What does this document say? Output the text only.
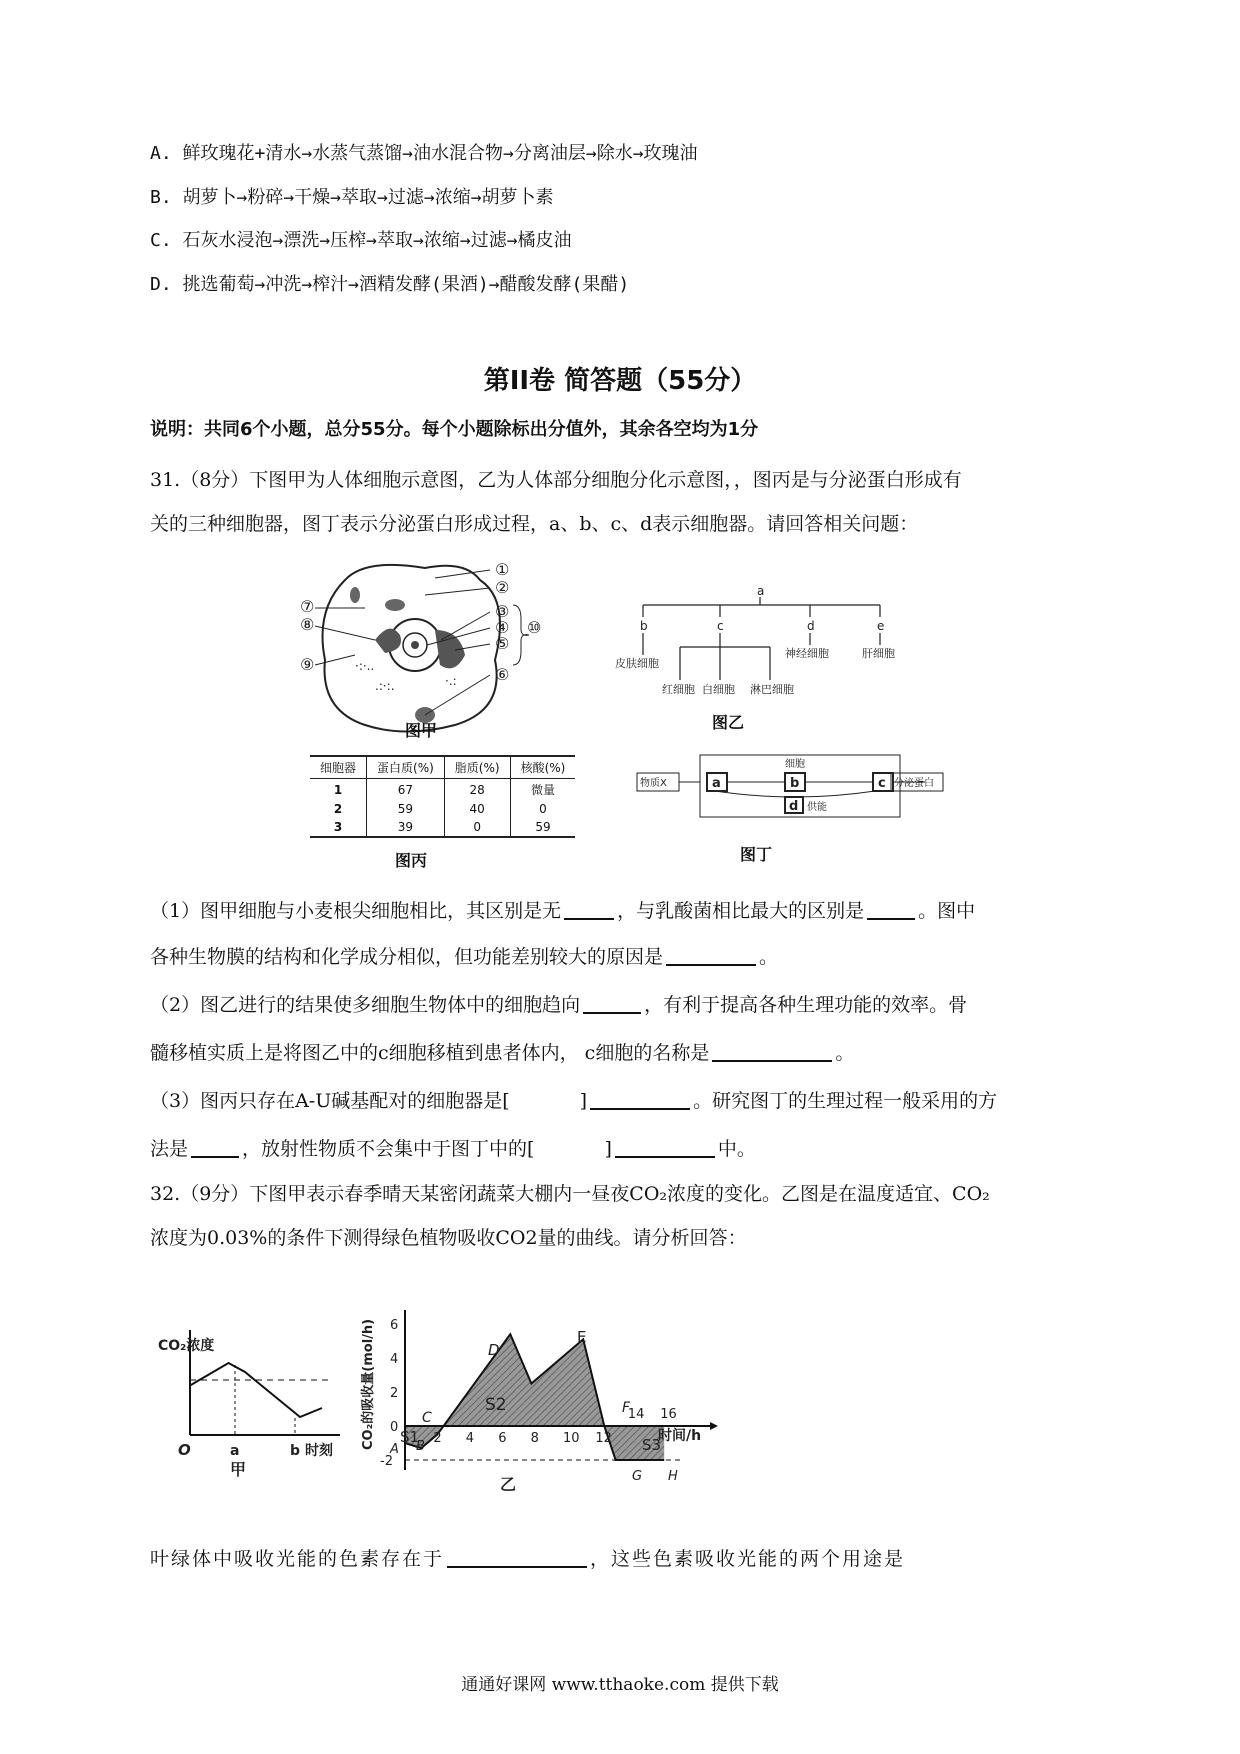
A. 鲜玫瑰花+清水→水蒸气蒸馏→油水混合物→分离油层→除水→玫瑰油
B. 胡萝卜→粉碎→干燥→萃取→过滤→浓缩→胡萝卜素
C. 石灰水浸泡→漂洗→压榨→萃取→浓缩→过滤→橘皮油
D. 挑选葡萄→冲洗→榨汁→酒精发酵(果酒)→醋酸发酵(果醋)
第II卷 简答题（55分）
说明：共同6个小题，总分55分。每个小题除标出分值外，其余各空均为1分
31.（8分）下图甲为人体细胞示意图，乙为人体部分细胞分化示意图，，图丙是与分泌蛋白形成有
关的三种细胞器，图丁表示分泌蛋白形成过程，a、b、c、d表示细胞器。请回答相关问题：
·:·..
.:·:.	·.:
①
②
③
④
⑤
⑥
⑦
⑧
⑨
⑩
图甲
a
b	c	d	e
皮肤细胞
红细胞 白细胞 淋巴细胞
神经细胞	肝细胞
图乙
细胞器	蛋白质(%)	脂质(%)	核酸(%)
1	67	28	微量
2	59	40	0
3	39	0	59
图丙
物质X
细胞
a	b	c
d 供能
分泌蛋白
图丁
（1）图甲细胞与小麦根尖细胞相比，其区别是无	，与乳酸菌相比最大的区别是	。图中
各种生物膜的结构和化学成分相似，但功能差别较大的原因是	。
（2）图乙进行的结果使多细胞生物体中的细胞趋向	，有利于提高各种生理功能的效率。骨
髓移植实质上是将图乙中的c细胞移植到患者体内， c细胞的名称是	。
（3）图丙只存在A-U碱基配对的细胞器是[	]	。研究图丁的生理过程一般采用的方
法是	，放射性物质不会集中于图丁中的[	]	中。
32.（9分）下图甲表示春季晴天某密闭蔬菜大棚内一昼夜CO₂浓度的变化。乙图是在温度适宜、CO₂
浓度为0.03%的条件下测得绿色植物吸收CO2量的曲线。请分析回答：
CO₂浓度
O	a	b 时刻
甲
2 4 6 8 10 12
14 16
6
4
2
0
-2
时间/h
CO₂的吸收量(mol/h)	D
E
C
F
A B
G H
S1
S2
S3
乙
叶绿体中吸收光能的色素存在于	，这些色素吸收光能的两个用途是
通通好课网 www.tthaoke.com 提供下载
